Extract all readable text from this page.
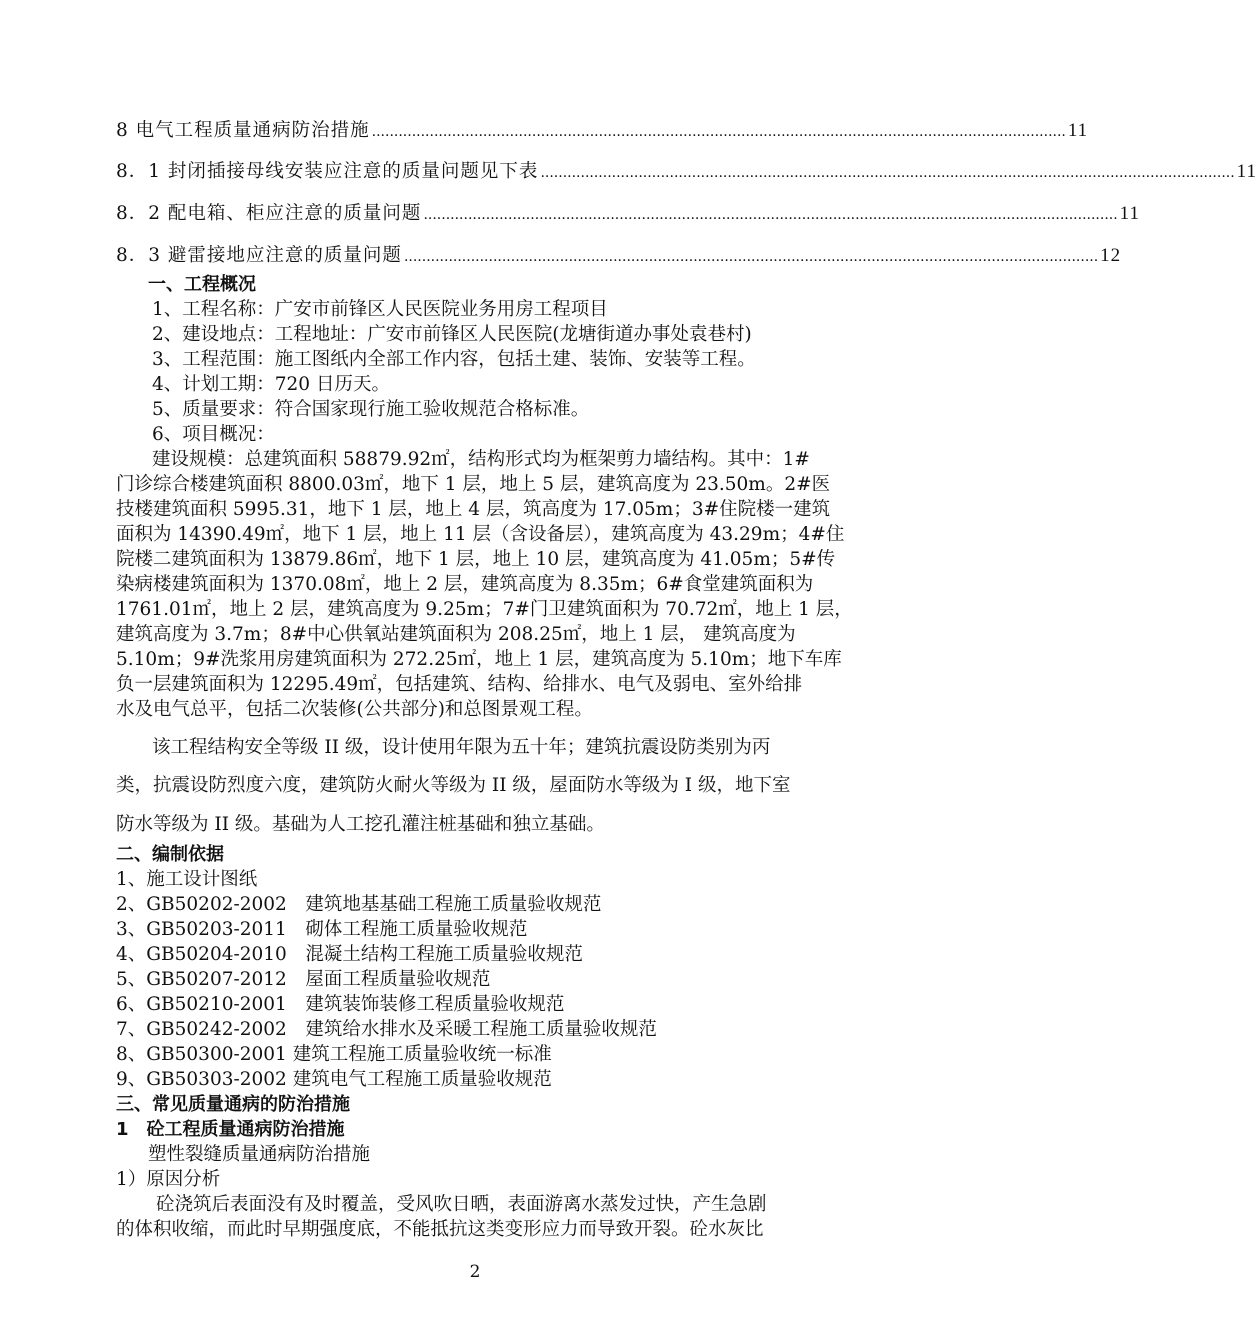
8 电气工程质量通病防治措施 ............................................................................................................................................................ 11
8．1 封闭插接母线安装应注意的质量问题见下表 ............................................................................................................................................................ 11
8．2 配电箱、柜应注意的质量问题 ............................................................................................................................................................ 11
8．3 避雷接地应注意的质量问题 ............................................................................................................................................................ 12
一、工程概况
1、工程名称：广安市前锋区人民医院业务用房工程项目
2、建设地点：工程地址：广安市前锋区人民医院(龙塘街道办事处袁巷村)
3、工程范围：施工图纸内全部工作内容，包括土建、装饰、安装等工程。
4、计划工期：720 日历天。
5、质量要求：符合国家现行施工验收规范合格标准。
6、项目概况：
建设规模：总建筑面积 58879.92㎡，结构形式均为框架剪力墙结构。其中：1#
门诊综合楼建筑面积 8800.03㎡，地下 1 层，地上 5 层，建筑高度为 23.50m。2#医
技楼建筑面积 5995.31，地下 1 层，地上 4 层，筑高度为 17.05m；3#住院楼一建筑
面积为 14390.49㎡，地下 1 层，地上 11 层（含设备层），建筑高度为 43.29m；4#住
院楼二建筑面积为 13879.86㎡，地下 1 层，地上 10 层，建筑高度为 41.05m；5#传
染病楼建筑面积为 1370.08㎡，地上 2 层，建筑高度为 8.35m；6#食堂建筑面积为
1761.01㎡，地上 2 层，建筑高度为 9.25m；7#门卫建筑面积为 70.72㎡，地上 1 层，
建筑高度为 3.7m；8#中心供氧站建筑面积为 208.25㎡，地上 1 层， 建筑高度为
5.10m；9#洗浆用房建筑面积为 272.25㎡，地上 1 层，建筑高度为 5.10m；地下车库
负一层建筑面积为 12295.49㎡，包括建筑、结构、给排水、电气及弱电、室外给排
水及电气总平，包括二次装修(公共部分)和总图景观工程。
该工程结构安全等级 II 级，设计使用年限为五十年；建筑抗震设防类别为丙
类，抗震设防烈度六度，建筑防火耐火等级为 II 级，屋面防水等级为 I 级，地下室
防水等级为 II 级。基础为人工挖孔灌注桩基础和独立基础。
二、编制依据
1、施工设计图纸
2、GB50202-2002　建筑地基基础工程施工质量验收规范
3、GB50203-2011　砌体工程施工质量验收规范
4、GB50204-2010　混凝土结构工程施工质量验收规范
5、GB50207-2012　屋面工程质量验收规范
6、GB50210-2001　建筑装饰装修工程质量验收规范
7、GB50242-2002　建筑给水排水及采暖工程施工质量验收规范
8、GB50300-2001 建筑工程施工质量验收统一标准
9、GB50303-2002 建筑电气工程施工质量验收规范
三、常见质量通病的防治措施
1　砼工程质量通病防治措施
塑性裂缝质量通病防治措施
1）原因分析
砼浇筑后表面没有及时覆盖，受风吹日晒，表面游离水蒸发过快，产生急剧
的体积收缩，而此时早期强度底，不能抵抗这类变形应力而导致开裂。砼水灰比
2
